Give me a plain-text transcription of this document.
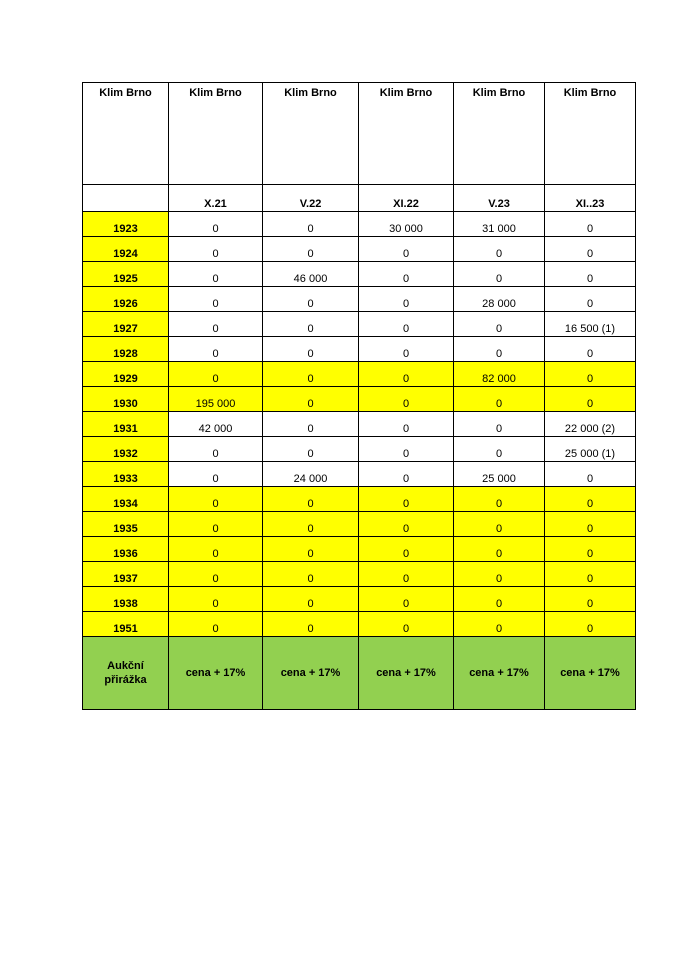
Klim Brno	Klim Brno	Klim Brno	Klim Brno	Klim Brno	Klim Brno
	X.21	V.22	XI.22	V.23	XI..23
1923	0	0	30 000	31 000	0
1924	0	0	0	0	0
1925	0	46 000	0	0	0
1926	0	0	0	28 000	0
1927	0	0	0	0	16 500 (1)
1928	0	0	0	0	0
1929	0	0	0	82 000	0
1930	195 000	0	0	0	0
1931	42 000	0	0	0	22 000 (2)
1932	0	0	0	0	25 000 (1)
1933	0	24 000	0	25 000	0
1934	0	0	0	0	0
1935	0	0	0	0	0
1936	0	0	0	0	0
1937	0	0	0	0	0
1938	0	0	0	0	0
1951	0	0	0	0	0

Aukční
přirážka	cena + 17%	cena + 17%	cena + 17%	cena + 17%	cena + 17%
